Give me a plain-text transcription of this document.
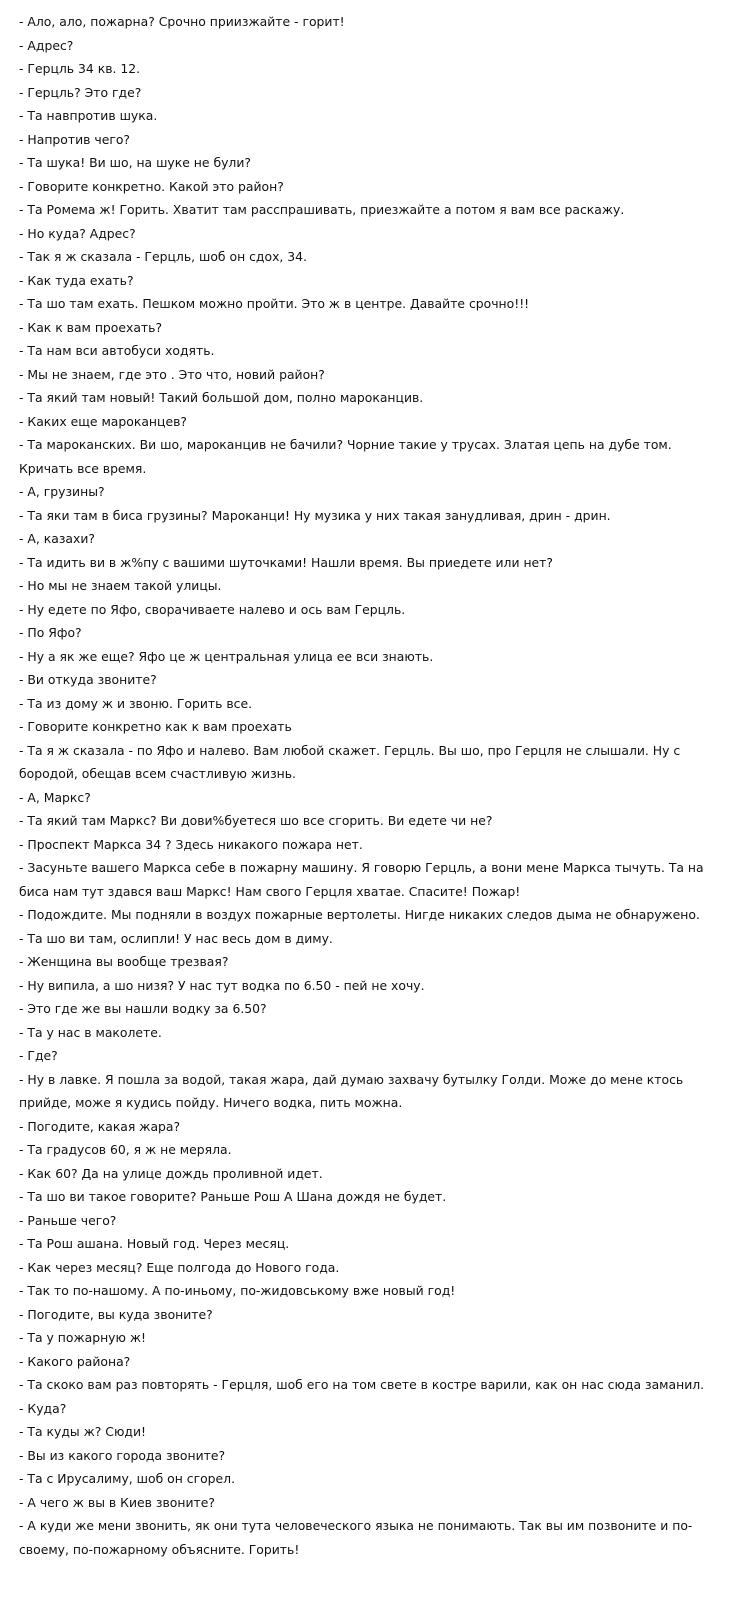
- Ало, ало, пожарна? Срочно приизжайте - горит!
- Адрес?
- Герцль 34 кв. 12.
- Герцль? Это где?
- Та навпротив шука.
- Напротив чего?
- Та шука! Ви шо, на шуке не були?
- Говорите конкретно. Какой это район?
- Та Ромема ж! Горить. Хватит там расспрашивать, приезжайте а потом я вам все раскажу.
- Но куда? Адрес?
- Так я ж сказала - Герцль, шоб он сдох, 34.
- Как туда ехать?
- Та шо там ехать. Пешком можно пройти. Это ж в центре. Давайте срочно!!!
- Как к вам проехать?
- Та нам вси автобуси ходять.
- Мы не знаем, где это . Это что, новий район?
- Та який там новый! Такий большой дом, полно мароканцив.
- Каких еще мароканцев?
- Та мароканских. Ви шо, мароканцив не бачили? Чорние такие у трусах. Златая цепь на дубе том. Кричать все время.
- А, грузины?
- Та яки там в биса грузины? Мароканци! Ну музика у них такая занудливая, дрин - дрин.
- А, казахи?
- Та идить ви в ж%пу с вашими шуточками! Нашли время. Вы приедете или нет?
- Но мы не знаем такой улицы.
- Ну едете по Яфо, сворачиваете налево и ось вам Герцль.
- По Яфо?
- Ну а як же еще? Яфо це ж центральная улица ее вси знають.
- Ви откуда звоните?
- Та из дому ж и звоню. Горить все.
- Говорите конкретно как к вам проехать
- Та я ж сказала - по Яфо и налево. Вам любой скажет. Герцль. Вы шо, про Герцля не слышали. Ну с бородой, обещав всем счастливую жизнь.
- А, Маркс?
- Та який там Маркс? Ви дови%буетеся шо все сгорить. Ви едете чи не?
- Проспект Маркса 34 ? Здесь никакого пожара нет.
- Засуньте вашего Маркса себе в пожарну машину. Я говорю Герцль, а вони мене Маркса тычуть. Та на биса нам тут здався ваш Маркс! Нам свого Герцля хватае. Спасите! Пожар!
- Подождите. Мы подняли в воздух пожарные вертолеты. Нигде никаких следов дыма не обнаружено.
- Та шо ви там, ослипли! У нас весь дом в диму.
- Женщина вы вообще трезвая?
- Ну випила, а шо низя? У нас тут водка по 6.50 - пей не хочу.
- Это где же вы нашли водку за 6.50?
- Та у нас в маколете.
- Где?
- Ну в лавке. Я пошла за водой, такая жара, дай думаю захвачу бутылку Голди. Може до мене ктось прийде, може я кудись пойду. Ничего водка, пить можна.
- Погодите, какая жара?
- Та градусов 60, я ж не меряла.
- Как 60? Да на улице дождь проливной идет.
- Та шо ви такое говорите? Раньше Рош А Шана дождя не будет.
- Раньше чего?
- Та Рош ашана. Новый год. Через месяц.
- Как через месяц? Еще полгода до Нового года.
- Так то по-нашому. А по-иньому, по-жидовському вже новый год!
- Погодите, вы куда звоните?
- Та у пожарную ж!
- Какого района?
- Та скоко вам раз повторять - Герцля, шоб его на том свете в костре варили, как он нас сюда заманил.
- Куда?
- Та куды ж? Сюди!
- Вы из какого города звоните?
- Та с Ирусалиму, шоб он сгорел.
- А чего ж вы в Киев звоните?
- А куди же мени звонить, як они тута человеческого языка не понимають. Так вы им позвоните и по-своему, по-пожарному объясните. Горить!
